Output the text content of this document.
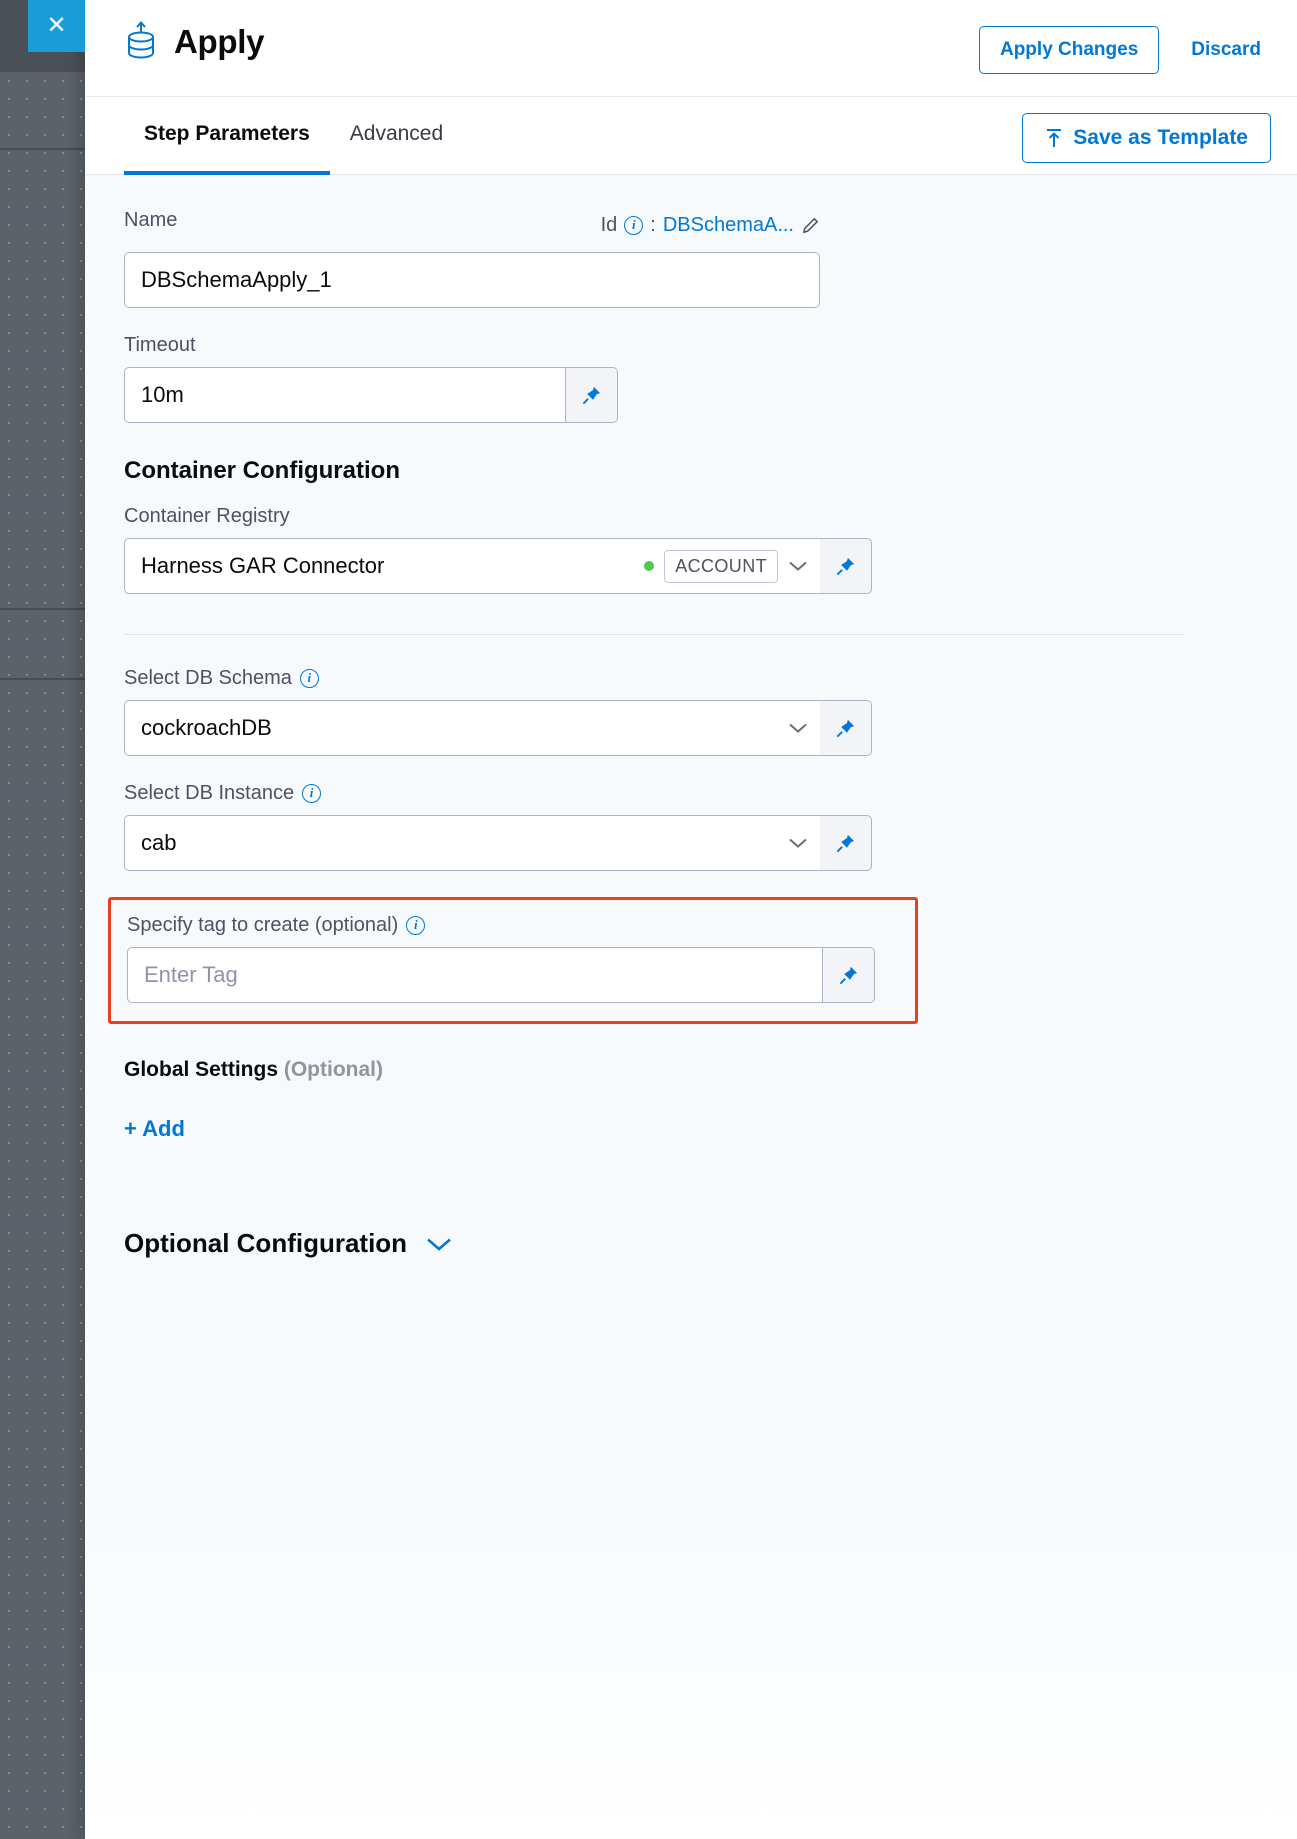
✕	Apply	Apply Changes	Discard
Step Parameters	Advanced	Save as Template
Name	Id	i : DBSchemaA...
DBSchemaApply_1
Timeout
10m
Container Configuration
Container Registry
Harness GAR Connector	ACCOUNT
Select DB Schema	i
cockroachDB
Select DB Instance	i
cab
Specify tag to create (optional)	i
Enter Tag
Global Settings (Optional)
+ Add
Optional Configuration
